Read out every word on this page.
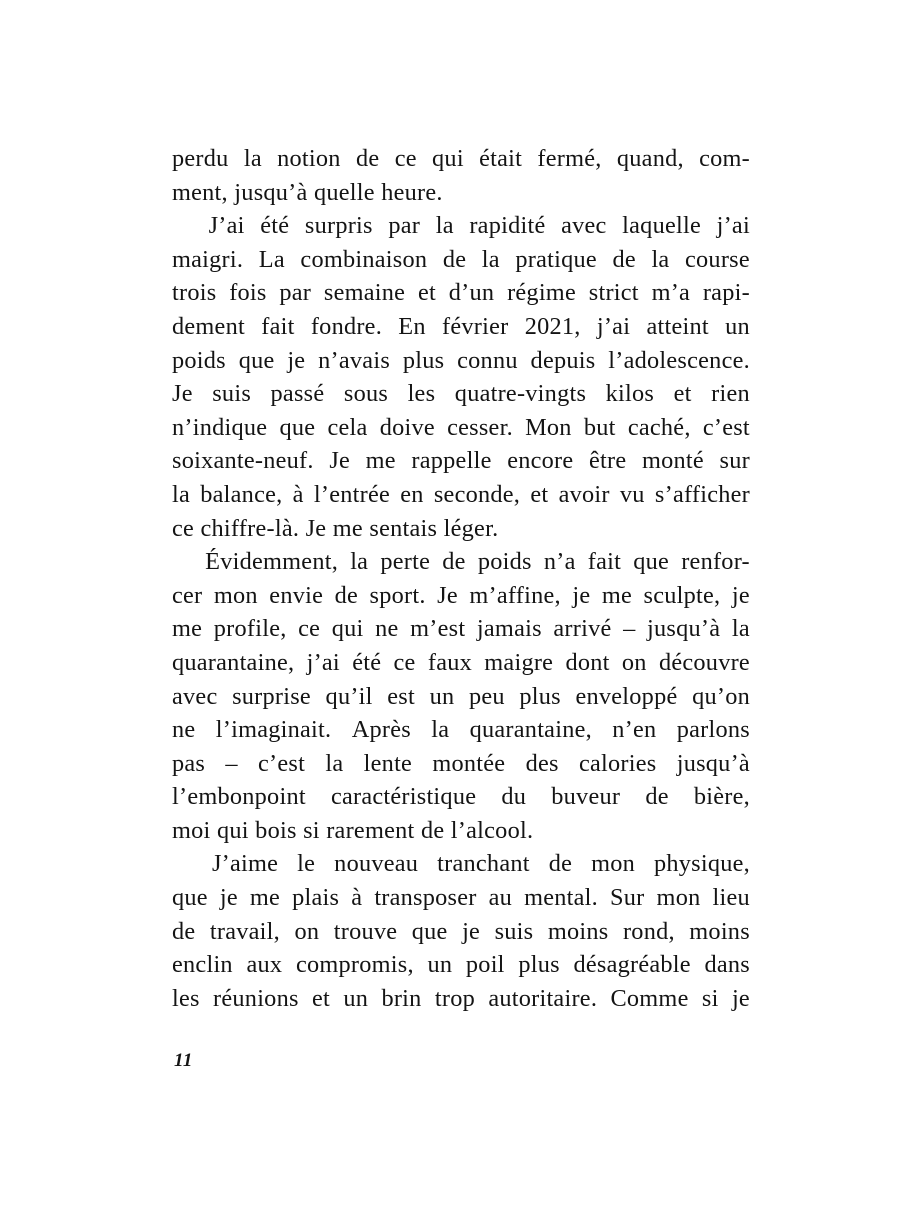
perdu la notion de ce qui était fermé, quand, com-
ment, jusqu’à quelle heure.

J’ai été surpris par la rapidité avec laquelle j’ai
maigri. La combinaison de la pratique de la course
trois fois par semaine et d’un régime strict m’a rapi-
dement fait fondre. En février 2021, j’ai atteint un
poids que je n’avais plus connu depuis l’adolescence.
Je suis passé sous les quatre-vingts kilos et rien
n’indique que cela doive cesser. Mon but caché, c’est
soixante-neuf. Je me rappelle encore être monté sur
la balance, à l’entrée en seconde, et avoir vu s’afficher
ce chiffre-là. Je me sentais léger.

Évidemment, la perte de poids n’a fait que renfor-
cer mon envie de sport. Je m’affine, je me sculpte, je
me profile, ce qui ne m’est jamais arrivé – jusqu’à la
quarantaine, j’ai été ce faux maigre dont on découvre
avec surprise qu’il est un peu plus enveloppé qu’on
ne l’imaginait. Après la quarantaine, n’en parlons
pas – c’est la lente montée des calories jusqu’à
l’embonpoint caractéristique du buveur de bière,
moi qui bois si rarement de l’alcool.

J’aime le nouveau tranchant de mon physique,
que je me plais à transposer au mental. Sur mon lieu
de travail, on trouve que je suis moins rond, moins
enclin aux compromis, un poil plus désagréable dans
les réunions et un brin trop autoritaire. Comme si je

11
